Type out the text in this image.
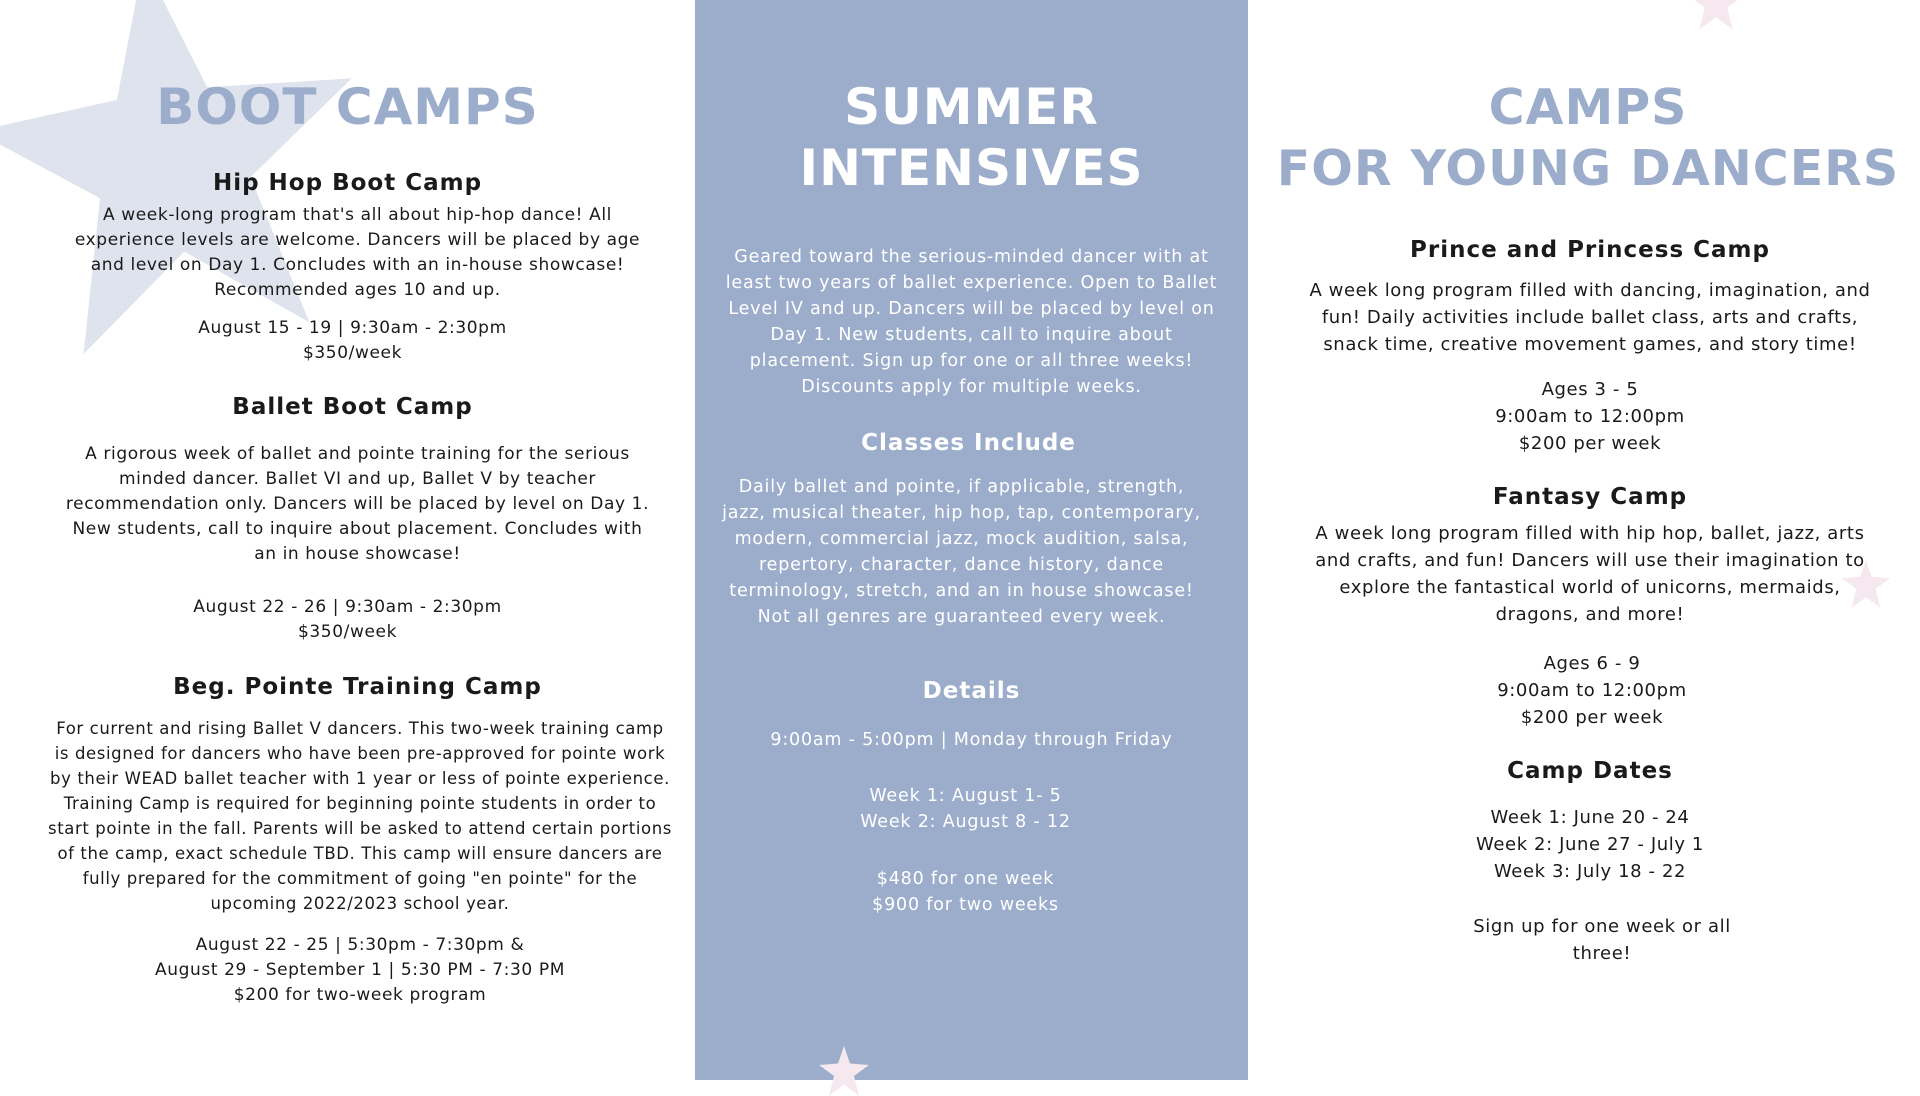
BOOT CAMPS
Hip Hop Boot Camp

A week-long program that's all about hip-hop dance! All
experience levels are welcome. Dancers will be placed by age
and level on Day 1. Concludes with an in-house showcase!
Recommended ages 10 and up.

August 15 - 19 | 9:30am - 2:30pm
$350/week

Ballet Boot Camp

A rigorous week of ballet and pointe training for the serious
minded dancer. Ballet VI and up, Ballet V by teacher
recommendation only. Dancers will be placed by level on Day 1.
New students, call to inquire about placement. Concludes with
an in house showcase!

August 22 - 26 | 9:30am - 2:30pm
$350/week

Beg. Pointe Training Camp

For current and rising Ballet V dancers. This two-week training camp
is designed for dancers who have been pre-approved for pointe work
by their WEAD ballet teacher with 1 year or less of pointe experience.
Training Camp is required for beginning pointe students in order to
start pointe in the fall. Parents will be asked to attend certain portions
of the camp, exact schedule TBD. This camp will ensure dancers are
fully prepared for the commitment of going "en pointe" for the
upcoming 2022/2023 school year.

August 22 - 25 | 5:30pm - 7:30pm &
August 29 - September 1 | 5:30 PM - 7:30 PM
$200 for two-week program

SUMMER
INTENSIVES

Geared toward the serious-minded dancer with at
least two years of ballet experience. Open to Ballet
Level IV and up. Dancers will be placed by level on
Day 1. New students, call to inquire about
placement. Sign up for one or all three weeks!
Discounts apply for multiple weeks.

Classes Include

Daily ballet and pointe, if applicable, strength,
jazz, musical theater, hip hop, tap, contemporary,
modern, commercial jazz, mock audition, salsa,
repertory, character, dance history, dance
terminology, stretch, and an in house showcase!
Not all genres are guaranteed every week.

Details

9:00am - 5:00pm | Monday through Friday

Week 1: August 1- 5
Week 2: August 8 - 12

$480 for one week
$900 for two weeks

CAMPS
FOR YOUNG DANCERS
Prince and Princess Camp

A week long program filled with dancing, imagination, and
fun! Daily activities include ballet class, arts and crafts,
snack time, creative movement games, and story time!

Ages 3 - 5
9:00am to 12:00pm
$200 per week

Fantasy Camp

A week long program filled with hip hop, ballet, jazz, arts
and crafts, and fun! Dancers will use their imagination to
explore the fantastical world of unicorns, mermaids,
dragons, and more!

Ages 6 - 9
9:00am to 12:00pm
$200 per week

Camp Dates

Week 1: June 20 - 24
Week 2: June 27 - July 1
Week 3: July 18 - 22

Sign up for one week or all
three!
